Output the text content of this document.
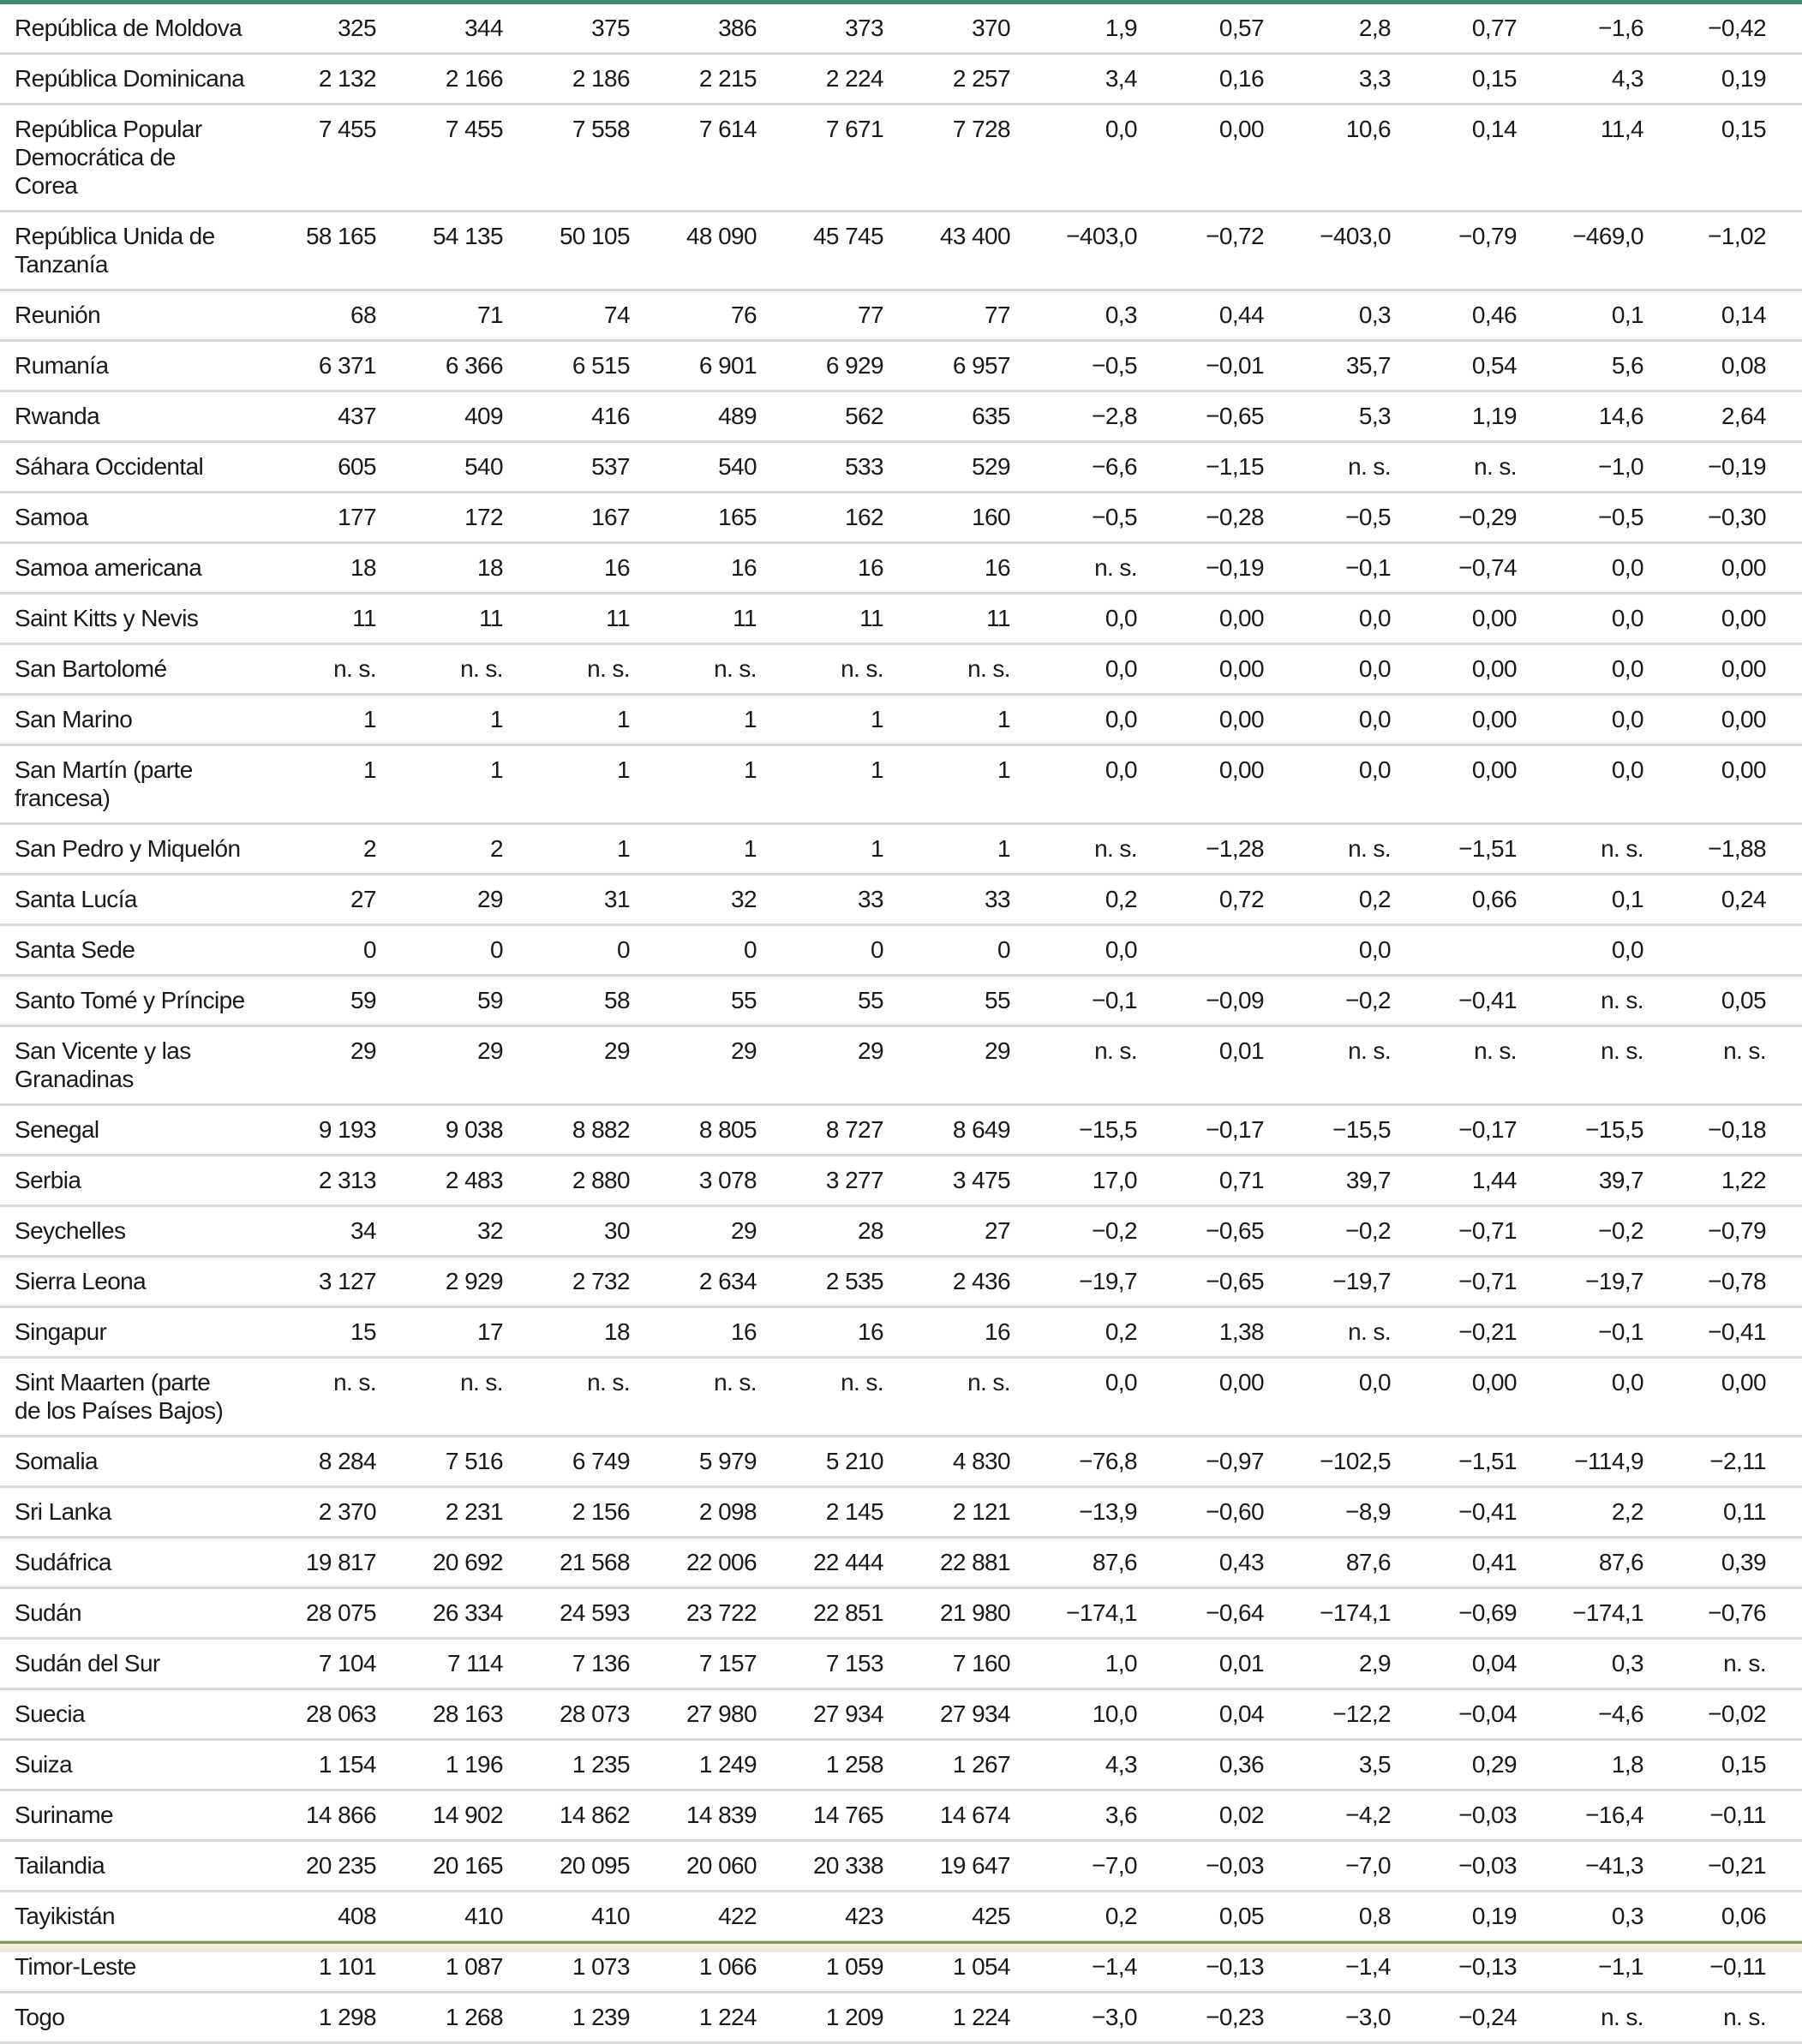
República de Moldova	325	344	375	386	373	370	1,9	0,57	2,8	0,77	−1,6	−0,42
República Dominicana	2 132	2 166	2 186	2 215	2 224	2 257	3,4	0,16	3,3	0,15	4,3	0,19
República Popular Democrática de Corea	7 455	7 455	7 558	7 614	7 671	7 728	0,0	0,00	10,6	0,14	11,4	0,15
República Unida de Tanzanía	58 165	54 135	50 105	48 090	45 745	43 400	−403,0	−0,72	−403,0	−0,79	−469,0	−1,02
Reunión	68	71	74	76	77	77	0,3	0,44	0,3	0,46	0,1	0,14
Rumanía	6 371	6 366	6 515	6 901	6 929	6 957	−0,5	−0,01	35,7	0,54	5,6	0,08
Rwanda	437	409	416	489	562	635	−2,8	−0,65	5,3	1,19	14,6	2,64
Sáhara Occidental	605	540	537	540	533	529	−6,6	−1,15	n. s.	n. s.	−1,0	−0,19
Samoa	177	172	167	165	162	160	−0,5	−0,28	−0,5	−0,29	−0,5	−0,30
Samoa americana	18	18	16	16	16	16	n. s.	−0,19	−0,1	−0,74	0,0	0,00
Saint Kitts y Nevis	11	11	11	11	11	11	0,0	0,00	0,0	0,00	0,0	0,00
San Bartolomé	n. s.	n. s.	n. s.	n. s.	n. s.	n. s.	0,0	0,00	0,0	0,00	0,0	0,00
San Marino	1	1	1	1	1	1	0,0	0,00	0,0	0,00	0,0	0,00
San Martín (parte francesa)	1	1	1	1	1	1	0,0	0,00	0,0	0,00	0,0	0,00
San Pedro y Miquelón	2	2	1	1	1	1	n. s.	−1,28	n. s.	−1,51	n. s.	−1,88
Santa Lucía	27	29	31	32	33	33	0,2	0,72	0,2	0,66	0,1	0,24
Santa Sede	0	0	0	0	0	0	0,0		0,0		0,0	
Santo Tomé y Príncipe	59	59	58	55	55	55	−0,1	−0,09	−0,2	−0,41	n. s.	0,05
San Vicente y las Granadinas	29	29	29	29	29	29	n. s.	0,01	n. s.	n. s.	n. s.	n. s.
Senegal	9 193	9 038	8 882	8 805	8 727	8 649	−15,5	−0,17	−15,5	−0,17	−15,5	−0,18
Serbia	2 313	2 483	2 880	3 078	3 277	3 475	17,0	0,71	39,7	1,44	39,7	1,22
Seychelles	34	32	30	29	28	27	−0,2	−0,65	−0,2	−0,71	−0,2	−0,79
Sierra Leona	3 127	2 929	2 732	2 634	2 535	2 436	−19,7	−0,65	−19,7	−0,71	−19,7	−0,78
Singapur	15	17	18	16	16	16	0,2	1,38	n. s.	−0,21	−0,1	−0,41
Sint Maarten (parte de los Países Bajos)	n. s.	n. s.	n. s.	n. s.	n. s.	n. s.	0,0	0,00	0,0	0,00	0,0	0,00
Somalia	8 284	7 516	6 749	5 979	5 210	4 830	−76,8	−0,97	−102,5	−1,51	−114,9	−2,11
Sri Lanka	2 370	2 231	2 156	2 098	2 145	2 121	−13,9	−0,60	−8,9	−0,41	2,2	0,11
Sudáfrica	19 817	20 692	21 568	22 006	22 444	22 881	87,6	0,43	87,6	0,41	87,6	0,39
Sudán	28 075	26 334	24 593	23 722	22 851	21 980	−174,1	−0,64	−174,1	−0,69	−174,1	−0,76
Sudán del Sur	7 104	7 114	7 136	7 157	7 153	7 160	1,0	0,01	2,9	0,04	0,3	n. s.
Suecia	28 063	28 163	28 073	27 980	27 934	27 934	10,0	0,04	−12,2	−0,04	−4,6	−0,02
Suiza	1 154	1 196	1 235	1 249	1 258	1 267	4,3	0,36	3,5	0,29	1,8	0,15
Suriname	14 866	14 902	14 862	14 839	14 765	14 674	3,6	0,02	−4,2	−0,03	−16,4	−0,11
Tailandia	20 235	20 165	20 095	20 060	20 338	19 647	−7,0	−0,03	−7,0	−0,03	−41,3	−0,21
Tayikistán	408	410	410	422	423	425	0,2	0,05	0,8	0,19	0,3	0,06
Timor-Leste	1 101	1 087	1 073	1 066	1 059	1 054	−1,4	−0,13	−1,4	−0,13	−1,1	−0,11
Togo	1 298	1 268	1 239	1 224	1 209	1 224	−3,0	−0,23	−3,0	−0,24	n. s.	n. s.
